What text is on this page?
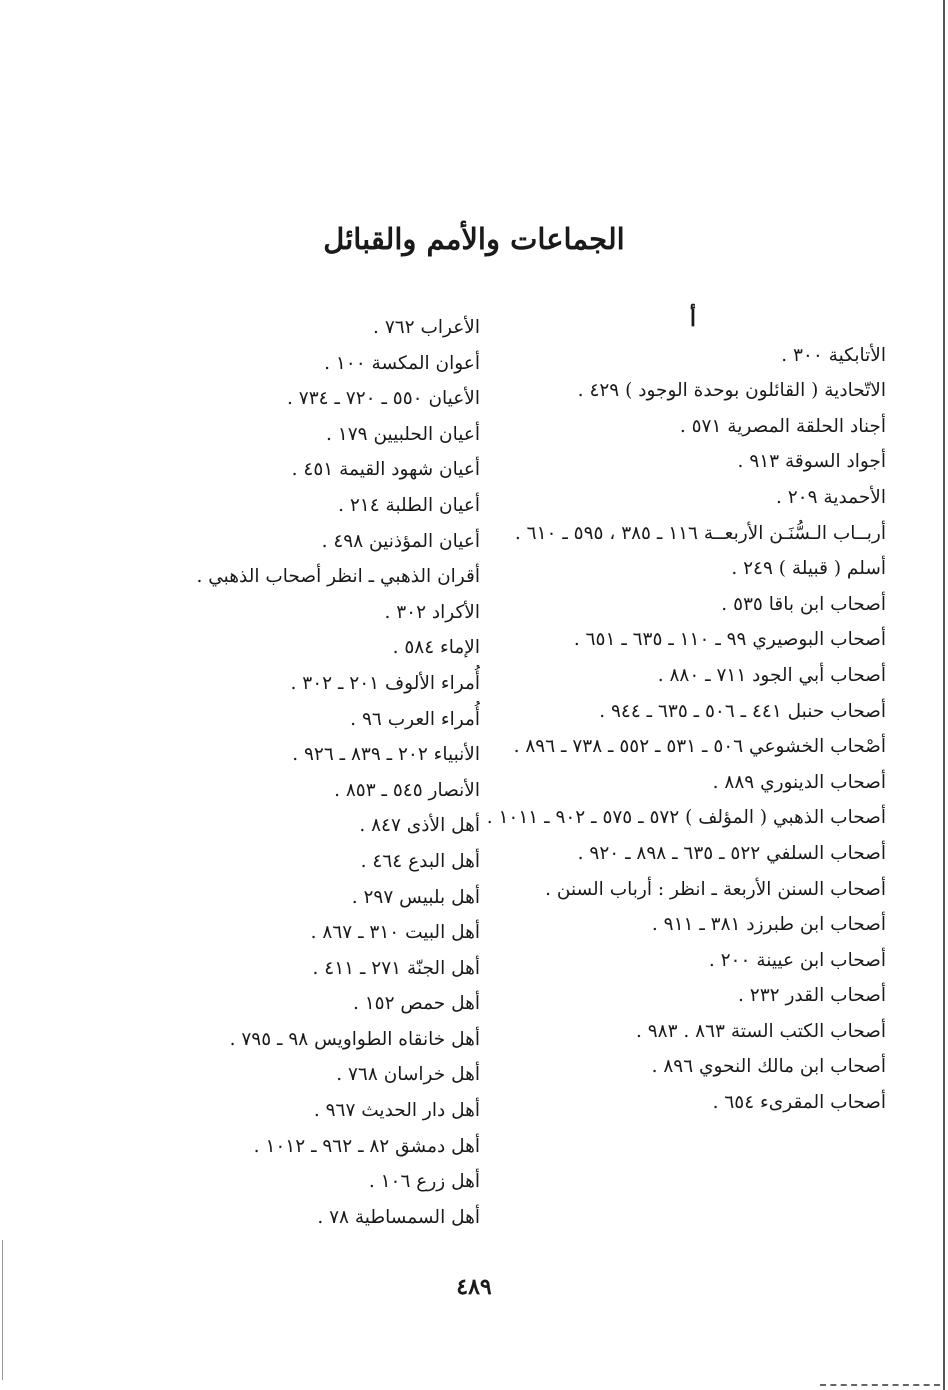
الجماعات والأمم والقبائل
أ
الأتابكية ٣٠٠ .
الاتّحادية ( القائلون بوحدة الوجود ) ٤٢٩ .
أجناد الحلقة المصرية ٥٧١ .
أجواد السوقة ٩١٣ .
الأحمدية ٢٠٩ .
أربــاب الـسُّنَـن الأربعــة ١١٦ ـ ٣٨٥ ، ٥٩٥ ـ ٦١٠ .
أسلم ( قبيلة ) ٢٤٩ .
أصحاب ابن باقا ٥٣٥ .
أصحاب البوصيري ٩٩ ـ ١١٠ ـ ٦٣٥ ـ ٦٥١ .
أصحاب أبي الجود ٧١١ ـ ٨٨٠ .
أصحاب حنبل ٤٤١ ـ ٥٠٦ ـ ٦٣٥ ـ ٩٤٤ .
أصْحاب الخشوعي ٥٠٦ ـ ٥٣١ ـ ٥٥٢ ـ ٧٣٨ ـ ٨٩٦ .
أصحاب الدينوري ٨٨٩ .
أصحاب الذهبي ( المؤلف ) ٥٧٢ ـ ٥٧٥ ـ ٩٠٢ ـ ١٠١١ .
أصحاب السلفي ٥٢٢ ـ ٦٣٥ ـ ٨٩٨ ـ ٩٢٠ .
أصحاب السنن الأربعة ـ انظر : أرباب السنن .
أصحاب ابن طبرزد ٣٨١ ـ ٩١١ .
أصحاب ابن عيينة ٢٠٠ .
أصحاب القدر ٢٣٢ .
أصحاب الكتب الستة ٨٦٣ . ٩٨٣ .
أصحاب ابن مالك النحوي ٨٩٦ .
أصحاب المقرىء ٦٥٤ .
الأعراب ٧٦٢ .
أعوان المكسة ١٠٠ .
الأعيان ٥٥٠ ـ ٧٢٠ ـ ٧٣٤ .
أعيان الحلبيين ١٧٩ .
أعيان شهود القيمة ٤٥١ .
أعيان الطلبة ٢١٤ .
أعيان المؤذنين ٤٩٨ .
أقران الذهبي ـ انظر أصحاب الذهبي .
الأكراد ٣٠٢ .
الإماء ٥٨٤ .
أُمراء الألوف ٢٠١ ـ ٣٠٢ .
أُمراء العرب ٩٦ .
الأنبياء ٢٠٢ ـ ٨٣٩ ـ ٩٢٦ .
الأنصار ٥٤٥ ـ ٨٥٣ .
أهل الأذى ٨٤٧ .
أهل البدع ٤٦٤ .
أهل بلبيس ٢٩٧ .
أهل البيت ٣١٠ ـ ٨٦٧ .
أهل الجنّة ٢٧١ ـ ٤١١ .
أهل حمص ١٥٢ .
أهل خانقاه الطواويس ٩٨ ـ ٧٩٥ .
أهل خراسان ٧٦٨ .
أهل دار الحديث ٩٦٧ .
أهل دمشق ٨٢ ـ ٩٦٢ ـ ١٠١٢ .
أهل زرع ١٠٦ .
أهل السمساطية ٧٨ .
٤٨٩
